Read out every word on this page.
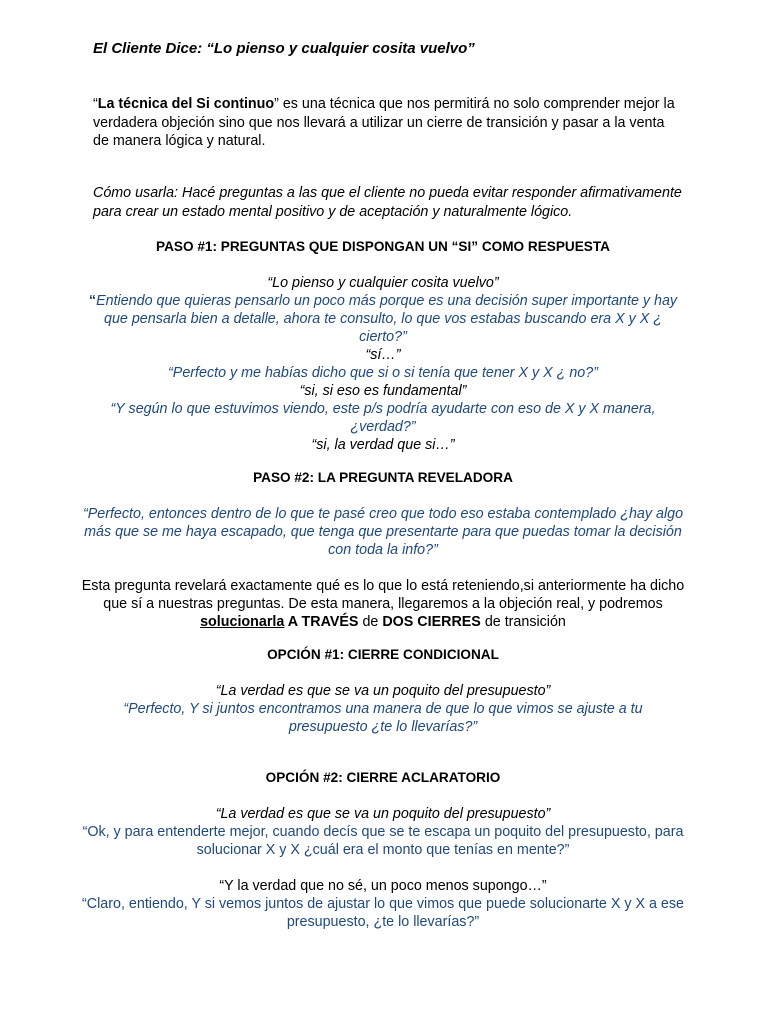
El Cliente Dice: “Lo pienso y cualquier cosita vuelvo”

“La técnica del Si continuo” es una técnica que nos permitirá no solo comprender mejor la verdadera objeción sino que nos llevará a utilizar un cierre de transición y pasar a la venta de manera lógica y natural.

Cómo usarla: Hacé preguntas a las que el cliente no pueda evitar responder afirmativamente para crear un estado mental positivo y de aceptación y naturalmente lógico.

PASO #1: PREGUNTAS QUE DISPONGAN UN “SI” COMO RESPUESTA

“Lo pienso y cualquier cosita vuelvo”

“Entiendo que quieras pensarlo un poco más porque es una decisión super importante y hay que pensarla bien a detalle, ahora te consulto, lo que vos estabas buscando era X y X ¿ cierto?”

“sí…”

“Perfecto y me habías dicho que si o si tenía que tener X y X ¿ no?”

“si, si eso es fundamental”

“Y según lo que estuvimos viendo, este p/s podría ayudarte con eso de X y X manera, ¿verdad?”

“si, la verdad que si…”

PASO #2: LA PREGUNTA REVELADORA

“Perfecto, entonces dentro de lo que te pasé creo que todo eso estaba contemplado ¿hay algo más que se me haya escapado, que tenga que presentarte para que puedas tomar la decisión con toda la info?”

Esta pregunta revelará exactamente qué es lo que lo está reteniendo,si anteriormente ha dicho que sí a nuestras preguntas. De esta manera, llegaremos a la objeción real, y podremos solucionarla A TRAVÉS de DOS CIERRES de transición

OPCIÓN #1: CIERRE CONDICIONAL

“La verdad es que se va un poquito del presupuesto”

“Perfecto, Y si juntos encontramos una manera de que lo que vimos se ajuste a tu presupuesto ¿te lo llevarías?”

OPCIÓN #2: CIERRE ACLARATORIO

“La verdad es que se va un poquito del presupuesto”

“Ok, y para entenderte mejor, cuando decís que se te escapa un poquito del presupuesto, para solucionar X y X ¿cuál era el monto que tenías en mente?”

“Y la verdad que no sé, un poco menos supongo…”

“Claro, entiendo, Y si vemos juntos de ajustar lo que vimos que puede solucionarte X y X a ese presupuesto, ¿te lo llevarías?”
